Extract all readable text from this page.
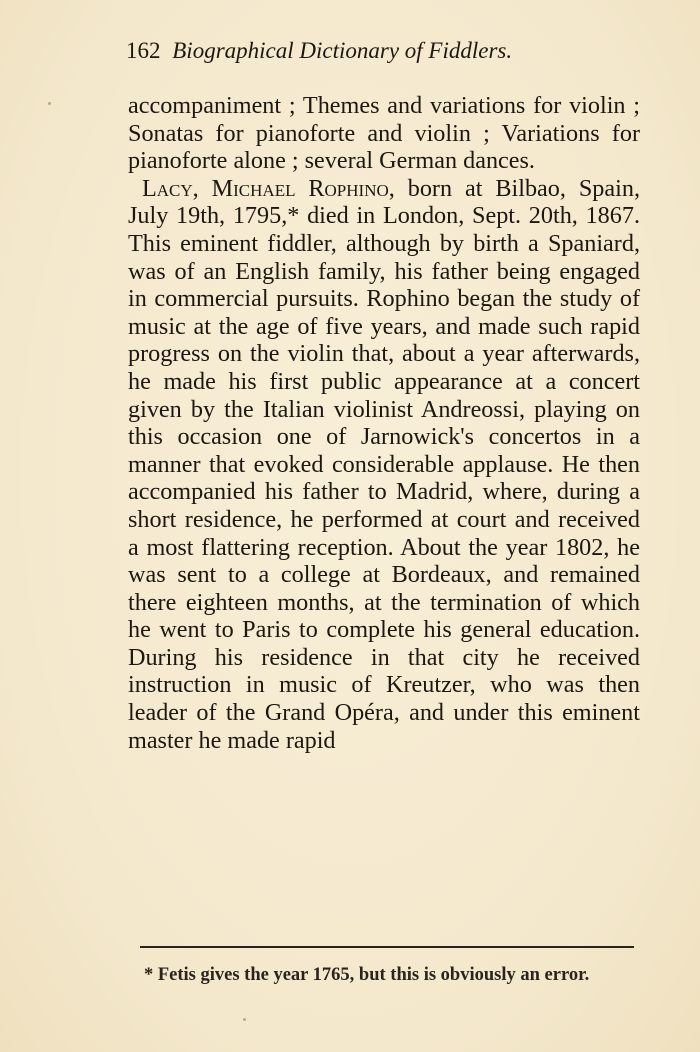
162 Biographical Dictionary of Fiddlers.

accompaniment ; Themes and variations for violin ; Sonatas for pianoforte and violin ; Variations for pianoforte alone ; several German dances.

Lacy, Michael Rophino, born at Bilbao, Spain, July 19th, 1795,* died in London, Sept. 20th, 1867. This eminent fiddler, although by birth a Spaniard, was of an English family, his father being engaged in commercial pursuits. Rophino began the study of music at the age of five years, and made such rapid progress on the violin that, about a year afterwards, he made his first public appearance at a concert given by the Italian violinist Andreossi, playing on this occasion one of Jarnowick's concertos in a manner that evoked considerable applause. He then accompanied his father to Madrid, where, during a short residence, he performed at court and received a most flattering reception. About the year 1802, he was sent to a college at Bordeaux, and remained there eighteen months, at the termination of which he went to Paris to complete his general education. During his residence in that city he received instruction in music of Kreutzer, who was then leader of the Grand Opéra, and under this eminent master he made rapid

* Fetis gives the year 1765, but this is obviously an error.
